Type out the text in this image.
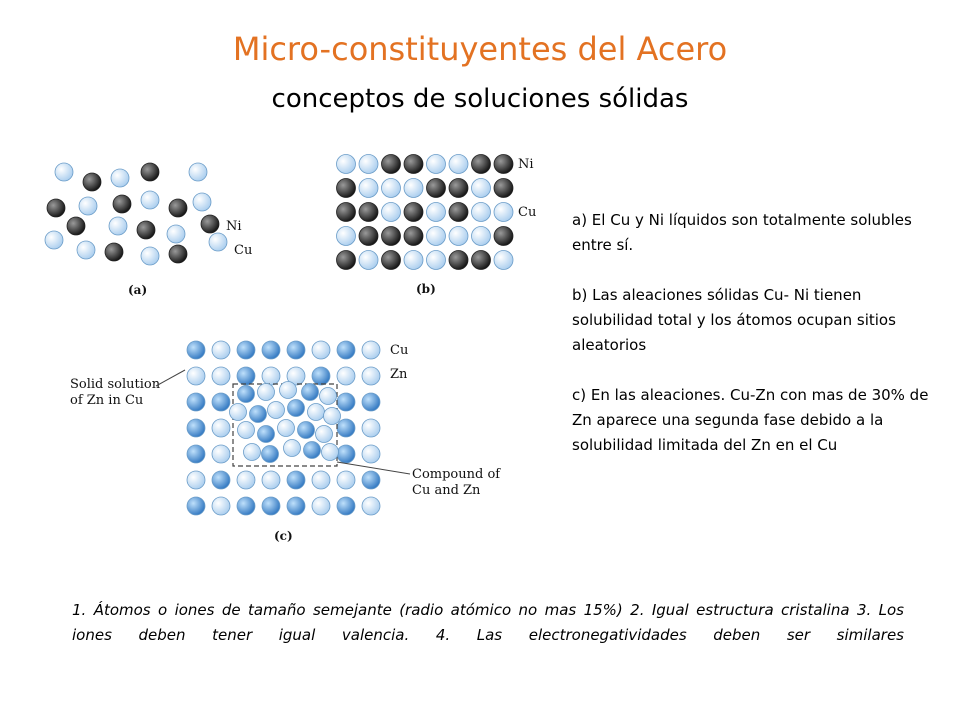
Micro-constituyentes del Acero
conceptos de soluciones sólidas
Ni
Cu
(a)
Ni
Cu
(b)
Cu
Zn
Solid solution
of Zn in Cu
Compound of
Cu and Zn
(c)

a) El Cu y Ni líquidos son totalmente solubles entre sí.

b) Las aleaciones sólidas Cu- Ni tienen solubilidad total y los átomos ocupan sitios aleatorios

c) En las aleaciones. Cu-Zn con mas de 30% de Zn aparece una segunda fase debido a la solubilidad limitada del Zn en el Cu

1. Átomos o iones de tamaño semejante (radio atómico no mas 15%) 2. Igual estructura cristalina 3. Los iones deben tener igual valencia. 4. Las electronegatividades deben ser similares
